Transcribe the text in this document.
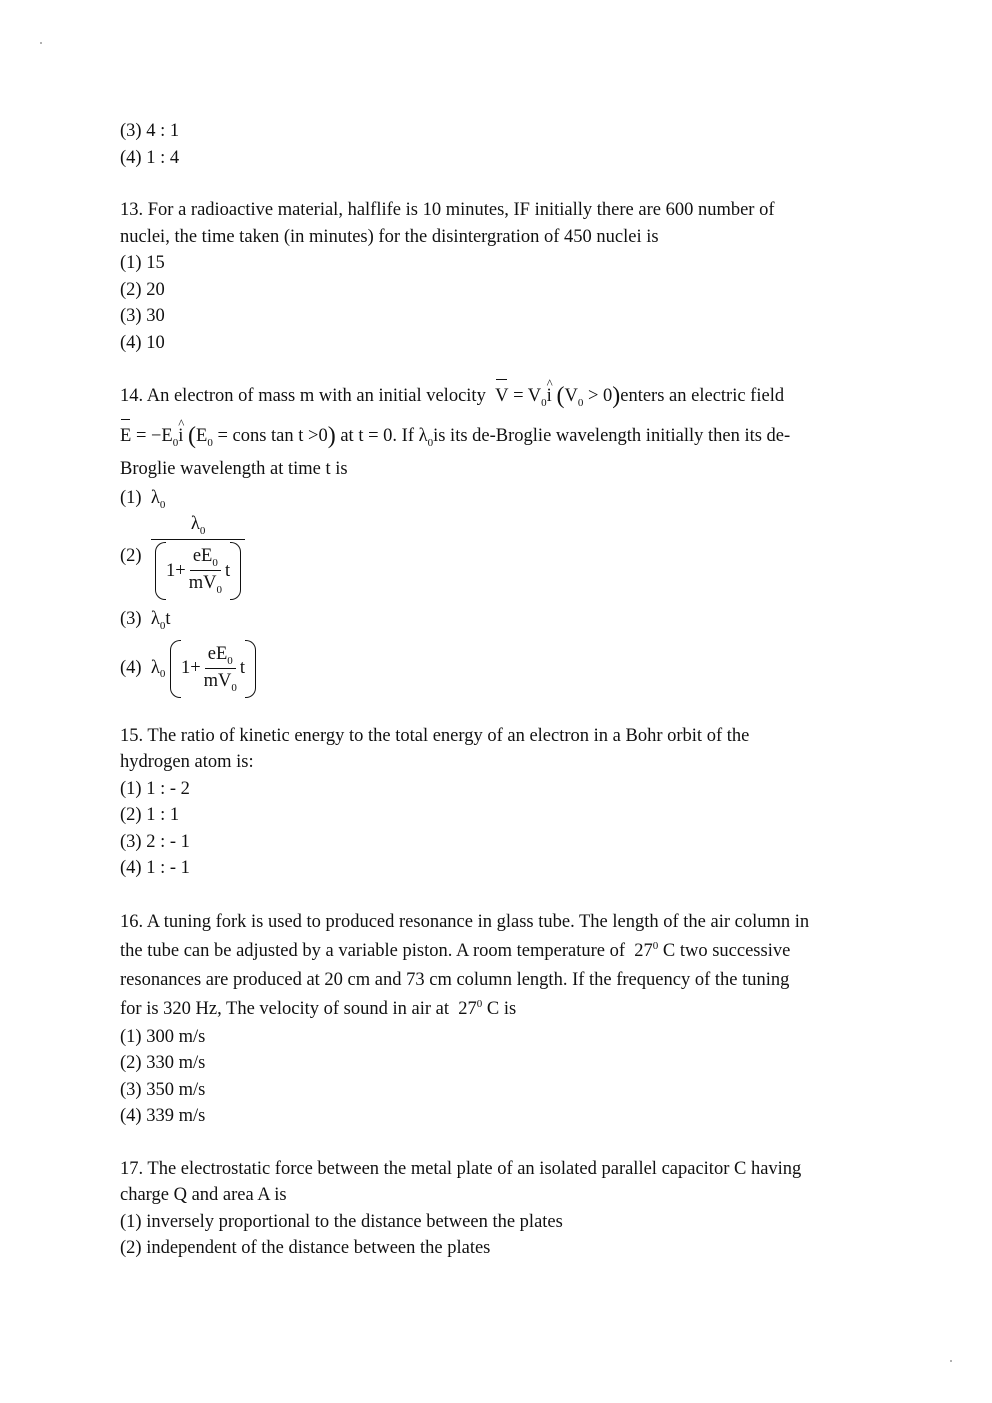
(3) 4 : 1
(4) 1 : 4
13. For a radioactive material, halflife is 10 minutes, IF initially there are 600 number of
nuclei, the time taken (in minutes) for the disintergration of 450 nuclei is
(1) 15
(2) 20
(3) 30
(4) 10
14. An electron of mass m with an initial velocity $V = V_0i$
^ ($V_0$ > 0)enters an electric field
$E = -E_0i$
^ ($E_0$ = cons tan t >0) at t = 0. If $\lambda_0is$ its de-Broglie wavelength initially then its de-
Broglie wavelength at time t is
(1)  $\lambda_0$
(2)
$\frac{\lambda_0}{1+ \frac{eE_0}{mV_0} t}$
(3)  $\lambda_0t$
(4) λ 0
$1+ \frac{eE_0}{mV_0}$ t
15. The ratio of kinetic energy to the total energy of an electron in a Bohr orbit of the
hydrogen atom is:
(1) 1 : - 2
(2) 1 : 1
(3) 2 : - 1
(4) 1 : - 1
16. A tuning fork is used to produced resonance in glass tube. The length of the air column in
the tube can be adjusted by a variable piston. A room temperature of $27^0$ C two successive
resonances are produced at 20 cm and 73 cm column length. If the frequency of the tuning
for is 320 Hz, The velocity of sound in air at $27^0$ C is
(1) 300 m/s
(2) 330 m/s
(3) 350 m/s
(4) 339 m/s
17. The electrostatic force between the metal plate of an isolated parallel capacitor C having
charge Q and area A is
(1) inversely proportional to the distance between the plates
(2) independent of the distance between the plates
